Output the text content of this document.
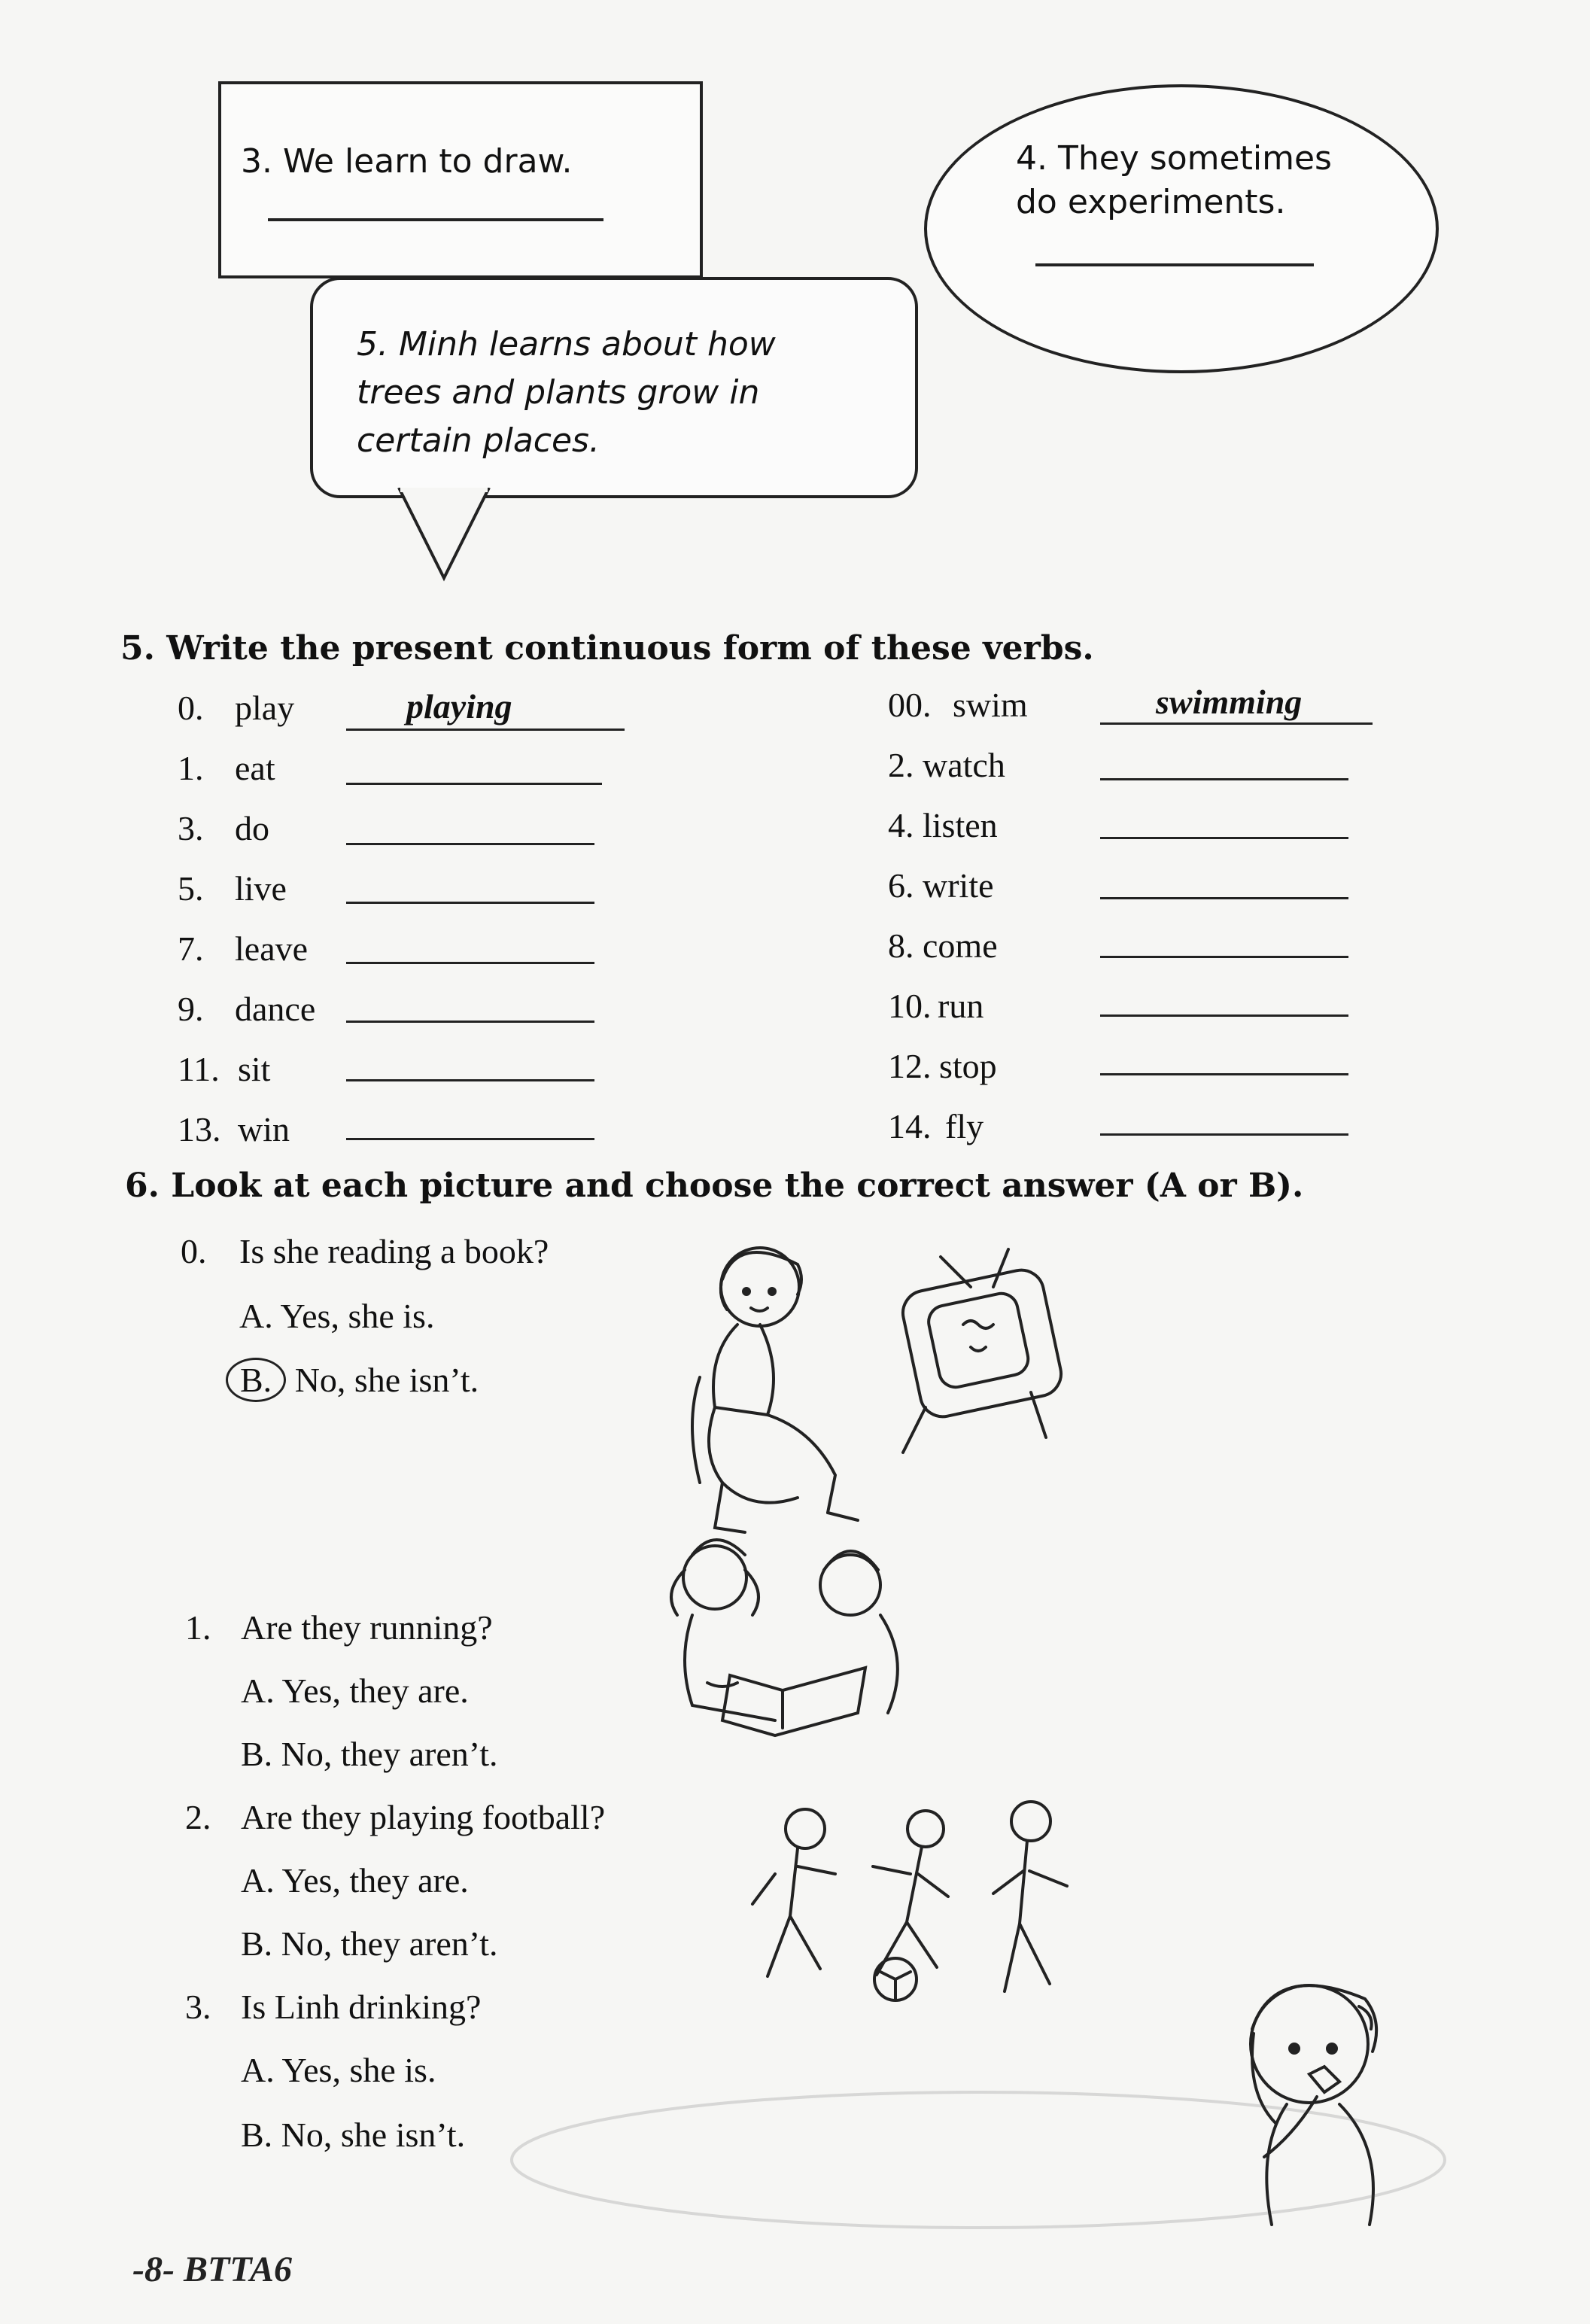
3. We learn to draw.	4. They sometimes do experiments.
5. Minh learns about how trees and plants grow in certain places.
5. Write the present continuous form of these verbs.
0. play	playing
1. eat
3. do
5. live
7. leave
9. dance
11. sit
13. win
00. swim	swimming
2. watch
4. listen
6. write
8. come
10. run
12. stop
14. fly
6. Look at each picture and choose the correct answer (A or B).
0. Is she reading a book?
A. Yes, she is.
B. No, she isn’t.
1. Are they running?
A. Yes, they are.
B. No, they aren’t.
2. Are they playing football?
A. Yes, they are.
B. No, they aren’t.
3. Is Linh drinking?
A. Yes, she is.
B. No, she isn’t.
-8- BTTA6
